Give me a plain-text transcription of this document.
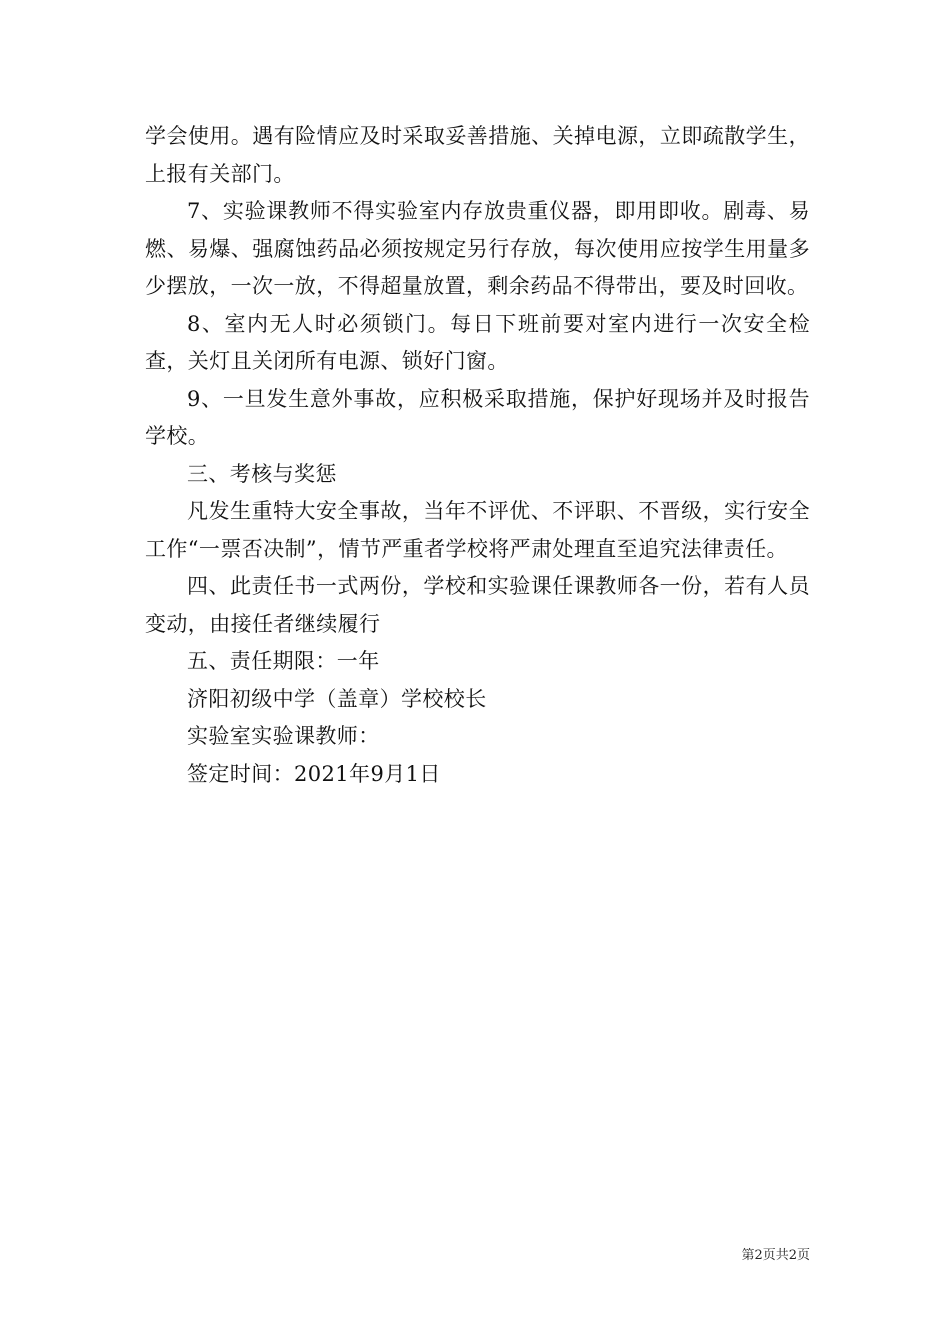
学会使用。遇有险情应及时采取妥善措施、关掉电源，立即疏散学生，上报有关部门。

7、实验课教师不得实验室内存放贵重仪器，即用即收。剧毒、易燃、易爆、强腐蚀药品必须按规定另行存放，每次使用应按学生用量多少摆放，一次一放，不得超量放置，剩余药品不得带出，要及时回收。

8、室内无人时必须锁门。每日下班前要对室内进行一次安全检查，关灯且关闭所有电源、锁好门窗。

9、一旦发生意外事故，应积极采取措施，保护好现场并及时报告学校。

三、考核与奖惩

凡发生重特大安全事故，当年不评优、不评职、不晋级，实行安全工作“一票否决制”，情节严重者学校将严肃处理直至追究法律责任。

四、此责任书一式两份，学校和实验课任课教师各一份，若有人员变动，由接任者继续履行

五、责任期限：一年

济阳初级中学（盖章）学校校长

实验室实验课教师：

签定时间：2021年9月1日

第2页共2页
